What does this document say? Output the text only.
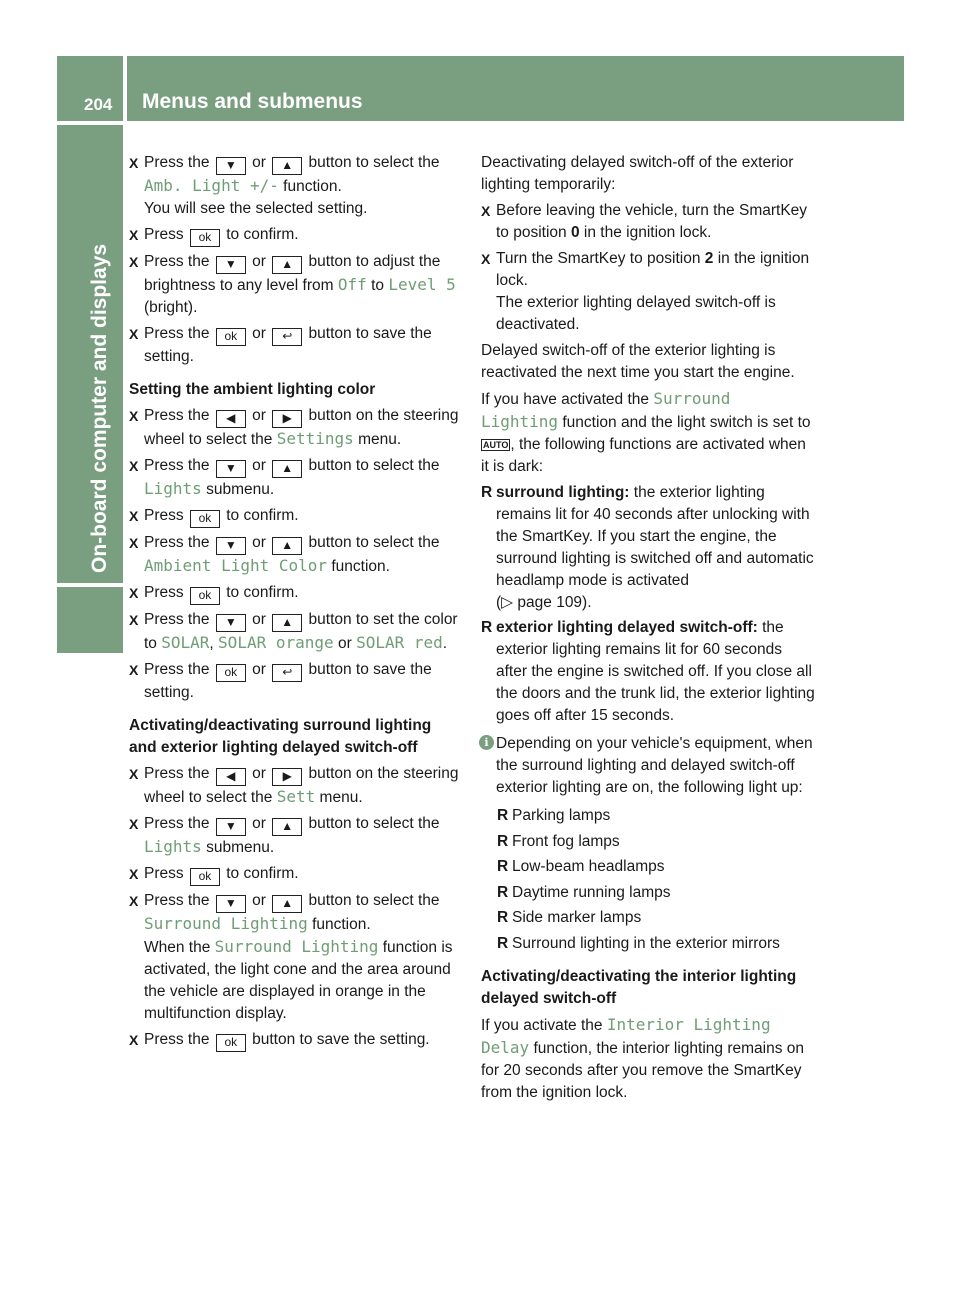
204 Menus and submenus
On-board computer and displays
X Press the ▼ or ▲ button to select the
Amb. Light +/- function.
You will see the selected setting.
X Press ok to confirm.
X Press the ▼ or ▲ button to adjust the brightness to any level from Off to Level 5 (bright).
X Press the ok or ↩ button to save the setting.
Setting the ambient lighting color
X Press the ◀ or ▶ button on the steering wheel to select the Settings menu.
X Press the ▼ or ▲ button to select the Lights submenu.
X Press ok to confirm.
X Press the ▼ or ▲ button to select the Ambient Light Color function.
X Press ok to confirm.
X Press the ▼ or ▲ button to set the color to SOLAR, SOLAR orange or SOLAR red.
X Press the ok or ↩ button to save the setting.
Activating/deactivating surround lighting and exterior lighting delayed switch-off
X Press the ◀ or ▶ button on the steering wheel to select the Sett menu.
X Press the ▼ or ▲ button to select the Lights submenu.
X Press ok to confirm.
X Press the ▼ or ▲ button to select the Surround Lighting function.
When the Surround Lighting function is activated, the light cone and the area around the vehicle are displayed in orange in the multifunction display.
X Press the ok button to save the setting.
Deactivating delayed switch-off of the exterior lighting temporarily:
X Before leaving the vehicle, turn the SmartKey to position 0 in the ignition lock.
X Turn the SmartKey to position 2 in the ignition lock.
The exterior lighting delayed switch-off is deactivated.
Delayed switch-off of the exterior lighting is reactivated the next time you start the engine.
If you have activated the Surround Lighting function and the light switch is set to AUTO , the following functions are activated when it is dark:
R surround lighting: the exterior lighting remains lit for 40 seconds after unlocking with the SmartKey. If you start the engine, the surround lighting is switched off and automatic headlamp mode is activated
(▷ page 109).
R exterior lighting delayed switch-off: the exterior lighting remains lit for 60 seconds after the engine is switched off. If you close all the doors and the trunk lid, the exterior lighting goes off after 15 seconds.
i Depending on your vehicle's equipment, when the surround lighting and delayed switch-off exterior lighting are on, the following light up:
R Parking lamps
R Front fog lamps
R Low-beam headlamps
R Daytime running lamps
R Side marker lamps
R Surround lighting in the exterior mirrors
Activating/deactivating the interior lighting delayed switch-off
If you activate the Interior Lighting Delay function, the interior lighting remains on for 20 seconds after you remove the SmartKey from the ignition lock.
